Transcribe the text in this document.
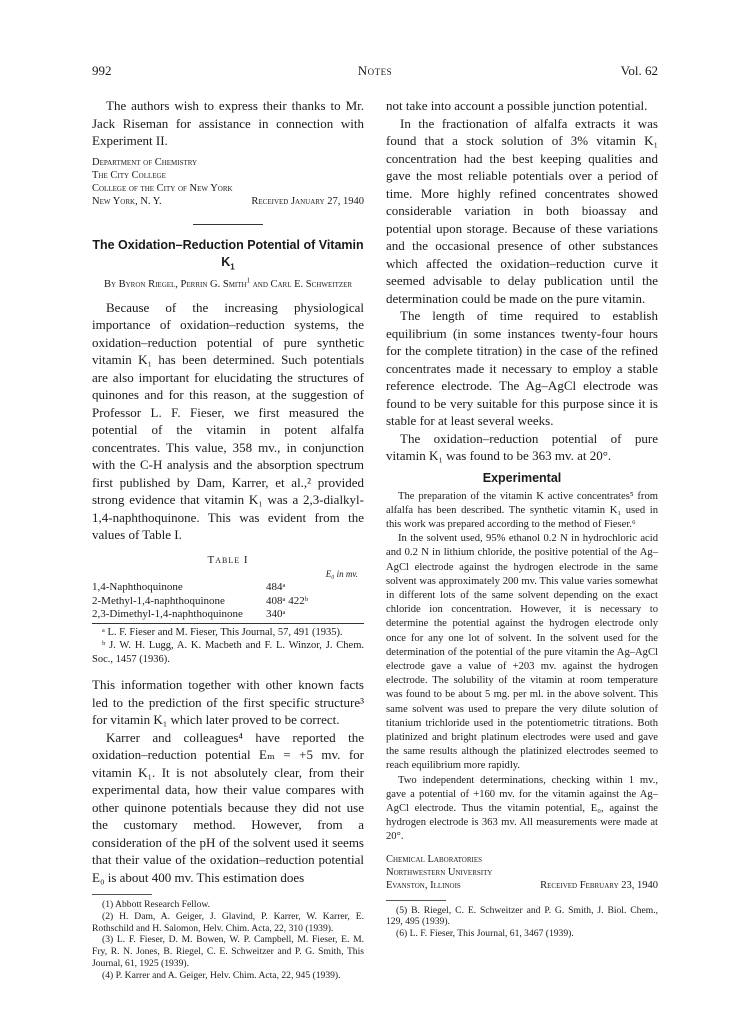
992	Notes	Vol. 62

The authors wish to express their thanks to Mr. Jack Riseman for assistance in connection with Experiment II.

Department of Chemistry
The City College
College of the City of New York
New York, N. Y.	Received January 27, 1940
The Oxidation–Reduction Potential of Vitamin
$K_1$
By Byron Riegel, Perrin G. Smith$^1$ and Carl E. Schweitzer

Because of the increasing physiological importance of oxidation–reduction systems, the oxidation–reduction potential of pure synthetic vitamin K₁ has been determined. Such potentials are also important for elucidating the structures of quinones and for this reason, at the suggestion of Professor L. F. Fieser, we first measured the potential of the vitamin in potent alfalfa concentrates. This value, 358 mv., in conjunction with the C-H analysis and the absorption spectrum first published by Dam, Karrer, et al.,² provided strong evidence that vitamin K₁ was a 2,3-dialkyl-1,4-naphthoquinone. This was evident from the values of Table I.

Table I
	E₀ in mv.
1,4-Naphthoquinone	484ᵃ
2-Methyl-1,4-naphthoquinone	408ᵃ 422ᵇ
2,3-Dimethyl-1,4-naphthoquinone	340ᵃ

ᵃ L. F. Fieser and M. Fieser, This Journal, 57, 491 (1935).

ᵇ J. W. H. Lugg, A. K. Macbeth and F. L. Winzor, J. Chem. Soc., 1457 (1936).

This information together with other known facts led to the prediction of the first specific structure³ for vitamin K₁ which later proved to be correct.

Karrer and colleagues⁴ have reported the oxidation–reduction potential Eₘ = +5 mv. for vitamin K₁. It is not absolutely clear, from their experimental data, how their value compares with other quinone potentials because they did not use the customary method. However, from a consideration of the pH of the solvent used it seems that their value of the oxidation–reduction potential E₀ is about 400 mv. This estimation does

(1) Abbott Research Fellow.

(2) H. Dam, A. Geiger, J. Glavind, P. Karrer, W. Karrer, E. Rothschild and H. Salomon, Helv. Chim. Acta, 22, 310 (1939).

(3) L. F. Fieser, D. M. Bowen, W. P. Campbell, M. Fieser, E. M. Fry, R. N. Jones, B. Riegel, C. E. Schweitzer and P. G. Smith, This Journal, 61, 1925 (1939).

(4) P. Karrer and A. Geiger, Helv. Chim. Acta, 22, 945 (1939).

not take into account a possible junction potential.

In the fractionation of alfalfa extracts it was found that a stock solution of 3% vitamin K₁ concentration had the best keeping qualities and gave the most reliable potentials over a period of time. More highly refined concentrates showed considerable variation in both bioassay and potential upon storage. Because of these variations and the occasional presence of other substances which affected the oxidation–reduction curve it seemed advisable to delay publication until the determination could be made on the pure vitamin.

The length of time required to establish equilibrium (in some instances twenty-four hours for the complete titration) in the case of the refined concentrates made it necessary to employ a stable reference electrode. The Ag–AgCl electrode was found to be very suitable for this purpose since it is stable for at least several weeks.

The oxidation–reduction potential of pure vitamin K₁ was found to be 363 mv. at 20°.

Experimental

The preparation of the vitamin K active concentrates⁵ from alfalfa has been described. The synthetic vitamin K₁ used in this work was prepared according to the method of Fieser.⁶

In the solvent used, 95% ethanol 0.2 N in hydrochloric acid and 0.2 N in lithium chloride, the positive potential of the Ag–AgCl electrode against the hydrogen electrode in the same solvent was approximately 200 mv. This value varies somewhat in different lots of the same solvent depending on the exact chloride ion concentration. However, it is necessary to determine the potential against the hydrogen electrode only once for any one lot of solvent. In the solvent used for the determination of the potential of the pure vitamin the Ag–AgCl electrode gave a value of +203 mv. against the hydrogen electrode. The solubility of the vitamin at room temperature was found to be about 5 mg. per ml. in the above solvent. This same solvent was used to prepare the very dilute solution of titanium trichloride used in the potentiometric titrations. Both platinized and bright platinum electrodes were used and gave the same results although the platinized electrodes seemed to reach equilibrium more rapidly.

Two independent determinations, checking within 1 mv., gave a potential of +160 mv. for the vitamin against the Ag–AgCl electrode. Thus the vitamin potential, E₀, against the hydrogen electrode is 363 mv. All measurements were made at 20°.

Chemical Laboratories
Northwestern University
Evanston, Illinois	Received February 23, 1940

(5) B. Riegel, C. E. Schweitzer and P. G. Smith, J. Biol. Chem., 129, 495 (1939).

(6) L. F. Fieser, This Journal, 61, 3467 (1939).
